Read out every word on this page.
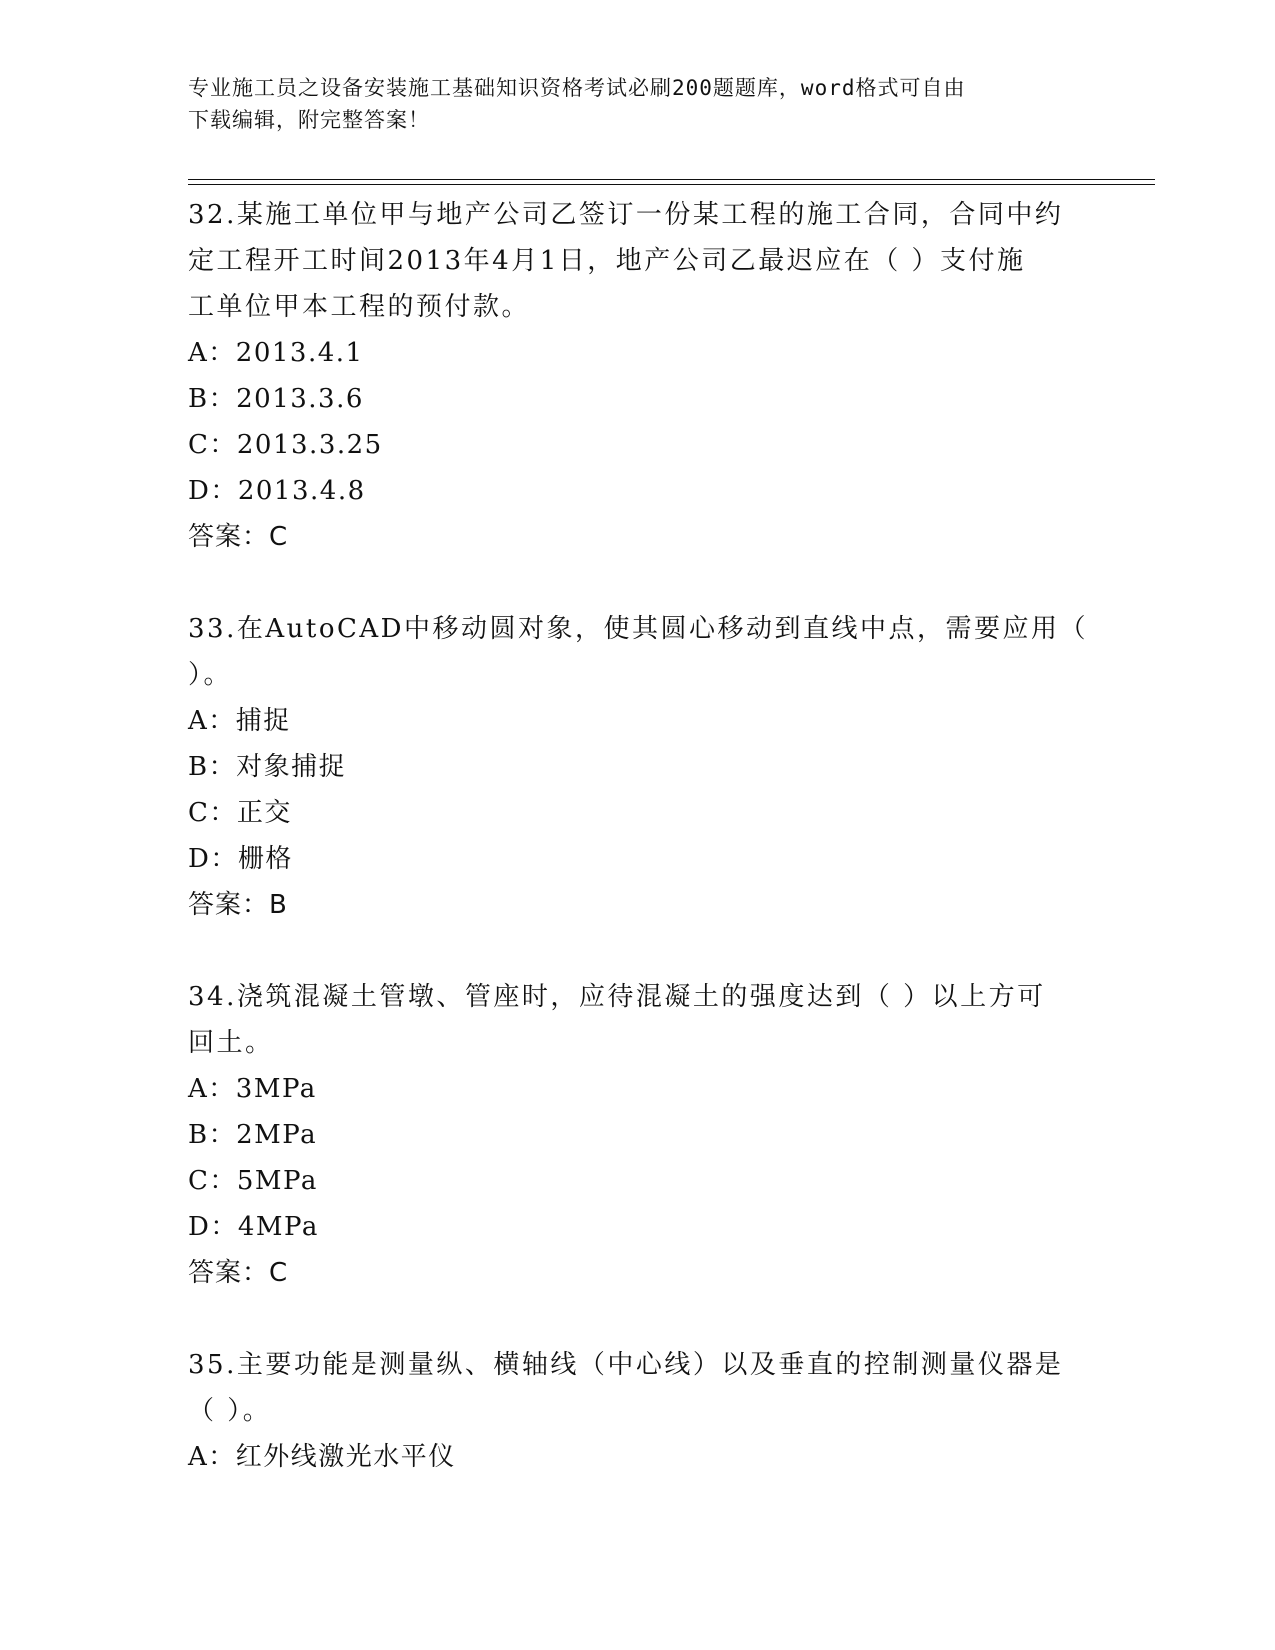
专业施工员之设备安装施工基础知识资格考试必刷200题题库，word格式可自由
下载编辑，附完整答案！
32.某施工单位甲与地产公司乙签订一份某工程的施工合同，合同中约
定工程开工时间2013年4月1日，地产公司乙最迟应在（ ）支付施
工单位甲本工程的预付款。
A：2013.4.1
B：2013.3.6
C：2013.3.25
D：2013.4.8
答案：C
33.在AutoCAD中移动圆对象，使其圆心移动到直线中点，需要应用（
）。
A：捕捉
B：对象捕捉
C：正交
D：栅格
答案：B
34.浇筑混凝土管墩、管座时，应待混凝土的强度达到（ ）以上方可
回土。
A：3MPa
B：2MPa
C：5MPa
D：4MPa
答案：C
35.主要功能是测量纵、横轴线（中心线）以及垂直的控制测量仪器是
（ ）。
A：红外线激光水平仪
